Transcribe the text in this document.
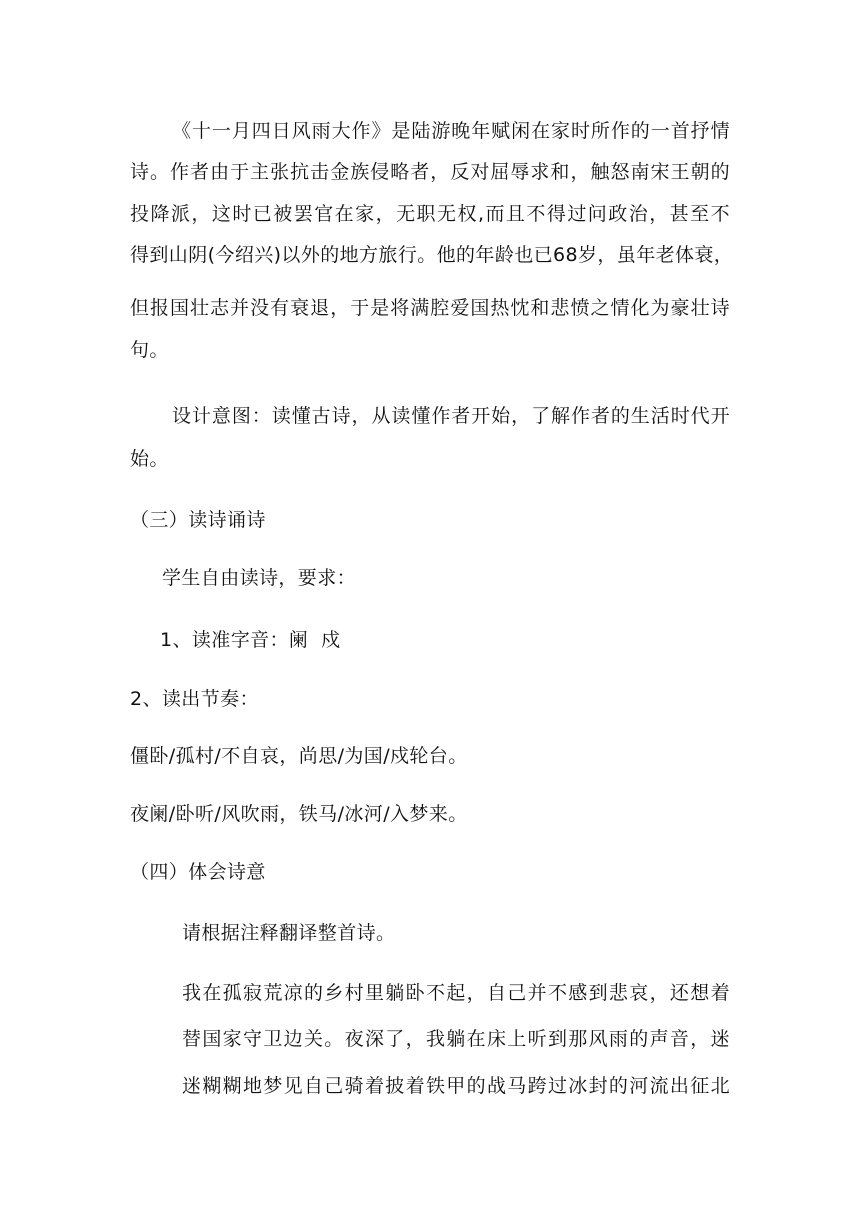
《十一月四日风雨大作》是陆游晚年赋闲在家时所作的一首抒情
诗。作者由于主张抗击金族侵略者，反对屈辱求和，触怒南宋王朝的
投降派，这时已被罢官在家，无职无权,而且不得过问政治，甚至不
得到山阴(今绍兴)以外的地方旅行。他的年龄也已68岁，虽年老体衰，
但报国壮志并没有衰退，于是将满腔爱国热忱和悲愤之情化为豪壮诗
句。
设计意图：读懂古诗，从读懂作者开始，了解作者的生活时代开
始。
（三）读诗诵诗
学生自由读诗，要求：
1、读准字音：阑  戍
2、读出节奏：
僵卧/孤村/不自哀，尚思/为国/戍轮台。
夜阑/卧听/风吹雨，铁马/冰河/入梦来。
（四）体会诗意
请根据注释翻译整首诗。
我在孤寂荒凉的乡村里躺卧不起，自己并不感到悲哀，还想着
替国家守卫边关。夜深了，我躺在床上听到那风雨的声音，迷
迷糊糊地梦见自己骑着披着铁甲的战马跨过冰封的河流出征北
